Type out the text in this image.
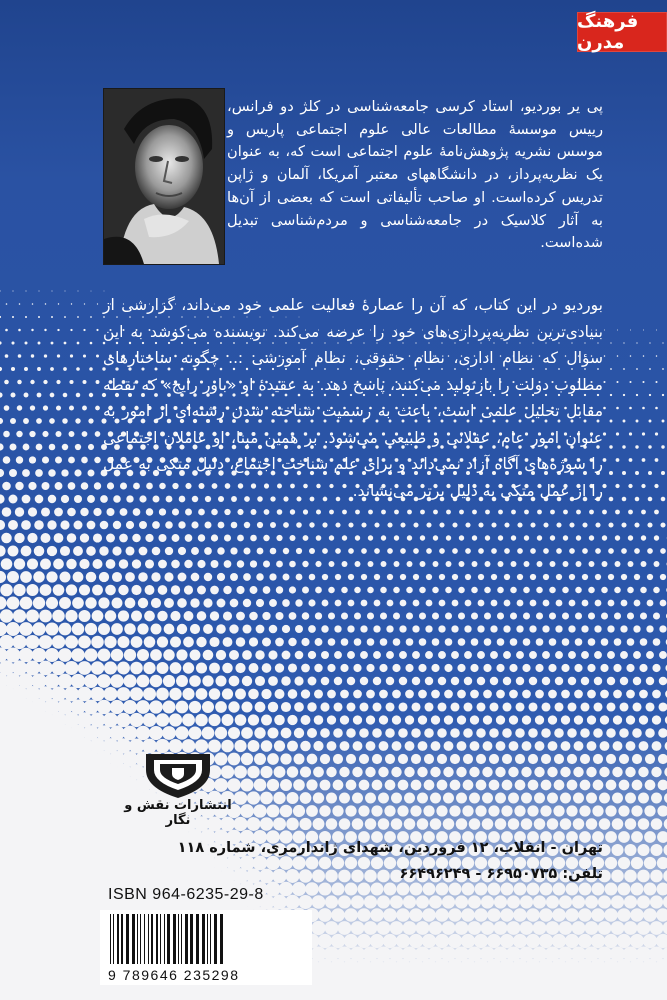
فرهنگ مدرن
پی یر بوردیو، استاد کرسی جامعه‌شناسی در کلژ دو فرانس، رییس موسسهٔ مطالعات عالی علوم اجتماعی پاریس و موسس نشریه پژوهش‌نامهٔ علوم اجتماعی است که، به عنوان یک نظریه‌پرداز، در دانشگاههای معتبر آمریکا، آلمان و ژاپن تدریس کرده‌است. او صاحب تألیفاتی است که بعضی از آن‌ها به آثار کلاسیک در جامعه‌شناسی و مردم‌شناسی تبدیل شده‌است.
بوردیو در این کتاب، که آن را عصارهٔ فعالیت علمی خود می‌داند، گزارشی از بنیادی‌ترین نظریه‌پردازی‌های خود را عرضه می‌کند. نویسنده می‌کوشد به این سؤال که نظام اداری، نظام حقوقی، نظام آموزشی ... چگونه ساختارهای مطلوب دولت را بازتولید می‌کنند، پاسخ دهد. به عقیدهٔ او «باور رایج» که نقطه مقابل تحلیل علمی است، باعث به رسمیت شناخته شدن رشته‌ای از امور به عنوان امور عام، عقلانی و طبیعی می‌شود. بر همین مبنا، او عاملان اجتماعی را سوژه‌های آگاه آزاد نمی‌داند و برای علم شناخت اجتماع، دلیل متکی به عمل را از عمل متکی به دلیل برتر می‌نشاند.
انتشارات نقش و نگار
تهران - انقلاب، ۱۲ فروردین، شهدای ژاندارمری، شماره ۱۱۸
تلفن: ۶۶۹۵۰۷۳۵ - ۶۶۴۹۶۲۴۹
ISBN 964-6235-29-8
9 789646 235298
